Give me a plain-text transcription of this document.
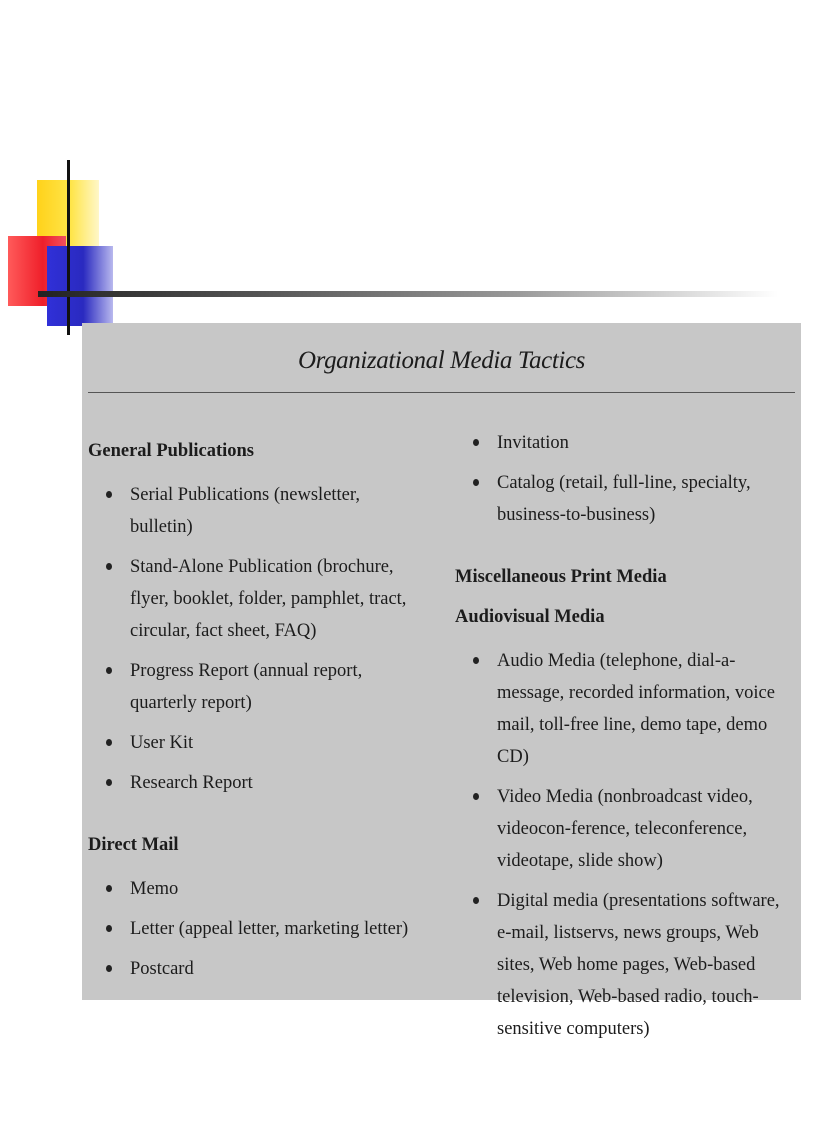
Organizational Media Tactics

General Publications

Serial Publications (newsletter, bulletin)
Stand-Alone Publication (brochure, flyer, booklet, folder, pamphlet, tract, circular, fact sheet, FAQ)
Progress Report (annual report, quarterly report)
User Kit
Research Report

Direct Mail

Memo
Letter (appeal letter, marketing letter)
Postcard
Invitation
Catalog (retail, full-line, specialty, business-to-business)

Miscellaneous Print Media

Audiovisual Media

Audio Media (telephone, dial-a-message, recorded information, voice mail, toll-free line, demo tape, demo CD)
Video Media (nonbroadcast video, videocon-ference, teleconference, videotape, slide show)
Digital media (presentations software, e-mail, listservs, news groups, Web sites, Web home pages, Web-based television, Web-based radio, touch-sensitive computers)
